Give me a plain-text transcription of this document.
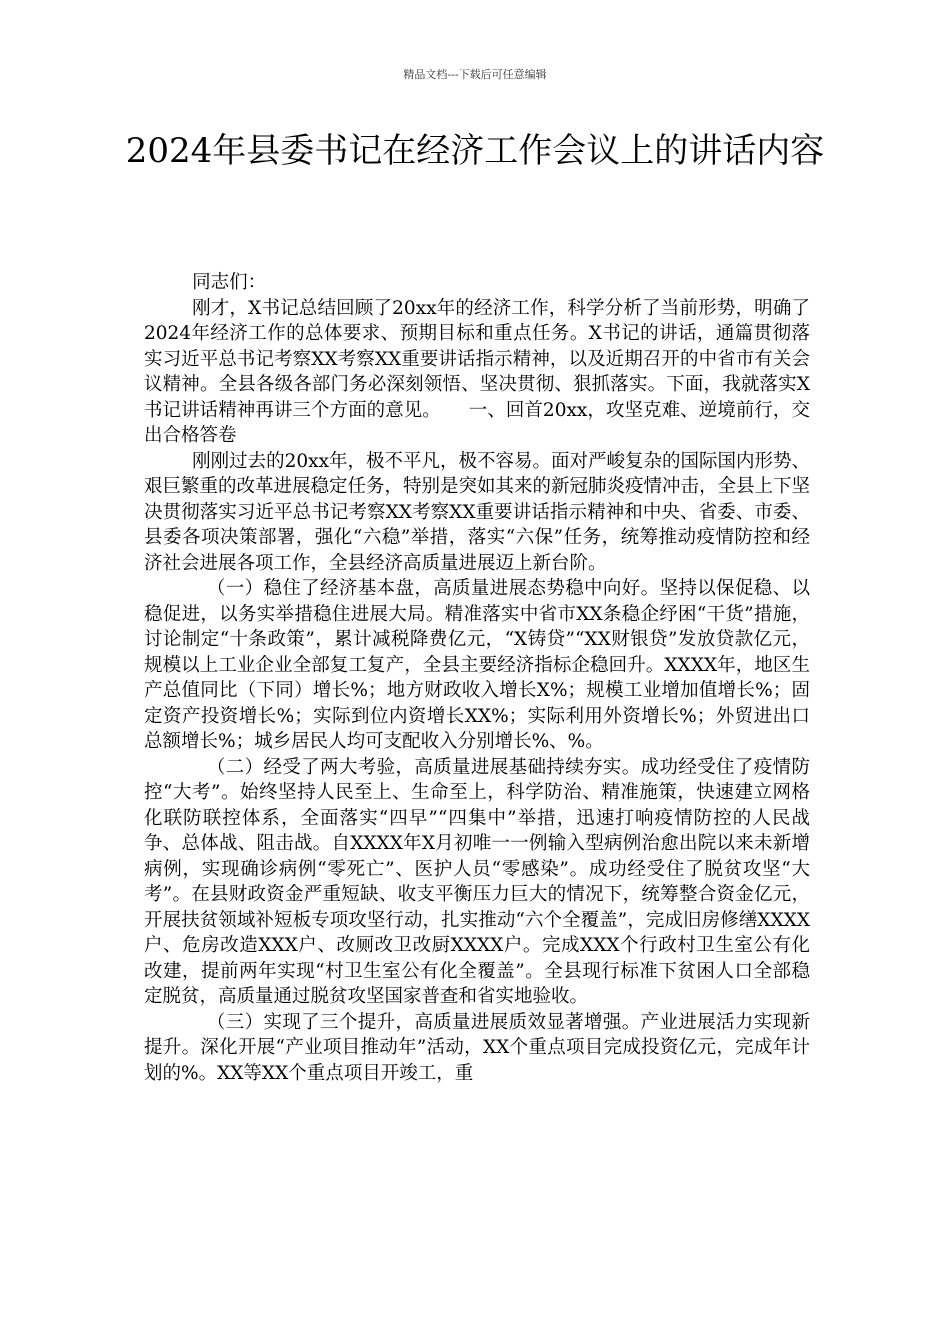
精品文档---下载后可任意编辑
2024年县委书记在经济工作会议上的讲话内容

同志们：

刚才，X书记总结回顾了20xx年的经济工作，科学分析了当前形势，明确了2024年经济工作的总体要求、预期目标和重点任务。X书记的讲话，通篇贯彻落实习近平总书记考察XX考察XX重要讲话指示精神，以及近期召开的中省市有关会议精神。全县各级各部门务必深刻领悟、坚决贯彻、狠抓落实。下面，我就落实X书记讲话精神再讲三个方面的意见。　　一、回首20xx，攻坚克难、逆境前行，交出合格答卷

刚刚过去的20xx年，极不平凡，极不容易。面对严峻复杂的国际国内形势、艰巨繁重的改革进展稳定任务，特别是突如其来的新冠肺炎疫情冲击，全县上下坚决贯彻落实习近平总书记考察XX考察XX重要讲话指示精神和中央、省委、市委、县委各项决策部署，强化“六稳”举措，落实“六保”任务，统筹推动疫情防控和经济社会进展各项工作，全县经济高质量进展迈上新台阶。

（一）稳住了经济基本盘，高质量进展态势稳中向好。坚持以保促稳、以稳促进，以务实举措稳住进展大局。精准落实中省市XX条稳企纾困“干货”措施，讨论制定“十条政策”，累计减税降费亿元，“X铸贷”“XX财银贷”发放贷款亿元，规模以上工业企业全部复工复产，全县主要经济指标企稳回升。XXXX年，地区生产总值同比（下同）增长%；地方财政收入增长X%；规模工业增加值增长%；固定资产投资增长%；实际到位内资增长XX%；实际利用外资增长%；外贸进出口总额增长%；城乡居民人均可支配收入分别增长%、%。

（二）经受了两大考验，高质量进展基础持续夯实。成功经受住了疫情防控“大考”。始终坚持人民至上、生命至上，科学防治、精准施策，快速建立网格化联防联控体系，全面落实“四早”“四集中”举措，迅速打响疫情防控的人民战争、总体战、阻击战。自XXXX年X月初唯一一例输入型病例治愈出院以来未新增病例，实现确诊病例“零死亡”、医护人员“零感染”。成功经受住了脱贫攻坚“大考”。在县财政资金严重短缺、收支平衡压力巨大的情况下，统筹整合资金亿元，开展扶贫领域补短板专项攻坚行动，扎实推动“六个全覆盖”，完成旧房修缮XXXX户、危房改造XXX户、改厕改卫改厨XXXX户。完成XXX个行政村卫生室公有化改建，提前两年实现“村卫生室公有化全覆盖”。全县现行标准下贫困人口全部稳定脱贫，高质量通过脱贫攻坚国家普查和省实地验收。

（三）实现了三个提升，高质量进展质效显著增强。产业进展活力实现新提升。深化开展“产业项目推动年”活动，XX个重点项目完成投资亿元，完成年计划的%。XX等XX个重点项目开竣工，重
